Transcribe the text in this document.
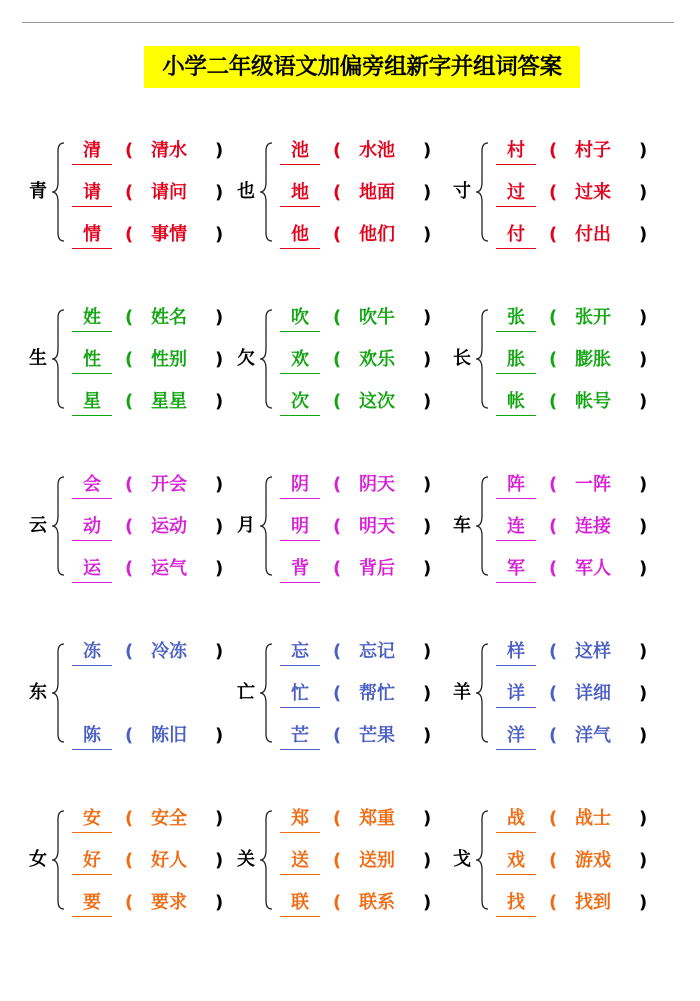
小学二年级语文加偏旁组新字并组词答案
青
清	( 清水	)
请	( 请问	)
情	( 事情	)
也
池	( 水池	)
地	( 地面	)
他	( 他们	)
寸
村	( 村子	)
过	( 过来	)
付	( 付出	)
生
姓	( 姓名	)
性	( 性别	)
星	( 星星	)
欠
吹	( 吹牛	)
欢	( 欢乐	)
次	( 这次	)
长
张	( 张开	)
胀	( 膨胀	)
帐	( 帐号	)
云
会	( 开会	)
动	( 运动	)
运	( 运气	)
月
阴	( 阴天	)
明	( 明天	)
背	( 背后	)
车
阵	( 一阵	)
连	( 连接	)
军	( 军人	)
东
冻	( 冷冻	)
陈	( 陈旧	)
亡
忘	( 忘记	)
忙	( 帮忙	)
芒	( 芒果	)
羊
样	( 这样	)
详	( 详细	)
洋	( 洋气	)
女
安	( 安全	)
好	( 好人	)
要	( 要求	)
关
郑	( 郑重	)
送	( 送别	)
联	( 联系	)
戈
战	( 战士	)
戏	( 游戏	)
找	( 找到	)
